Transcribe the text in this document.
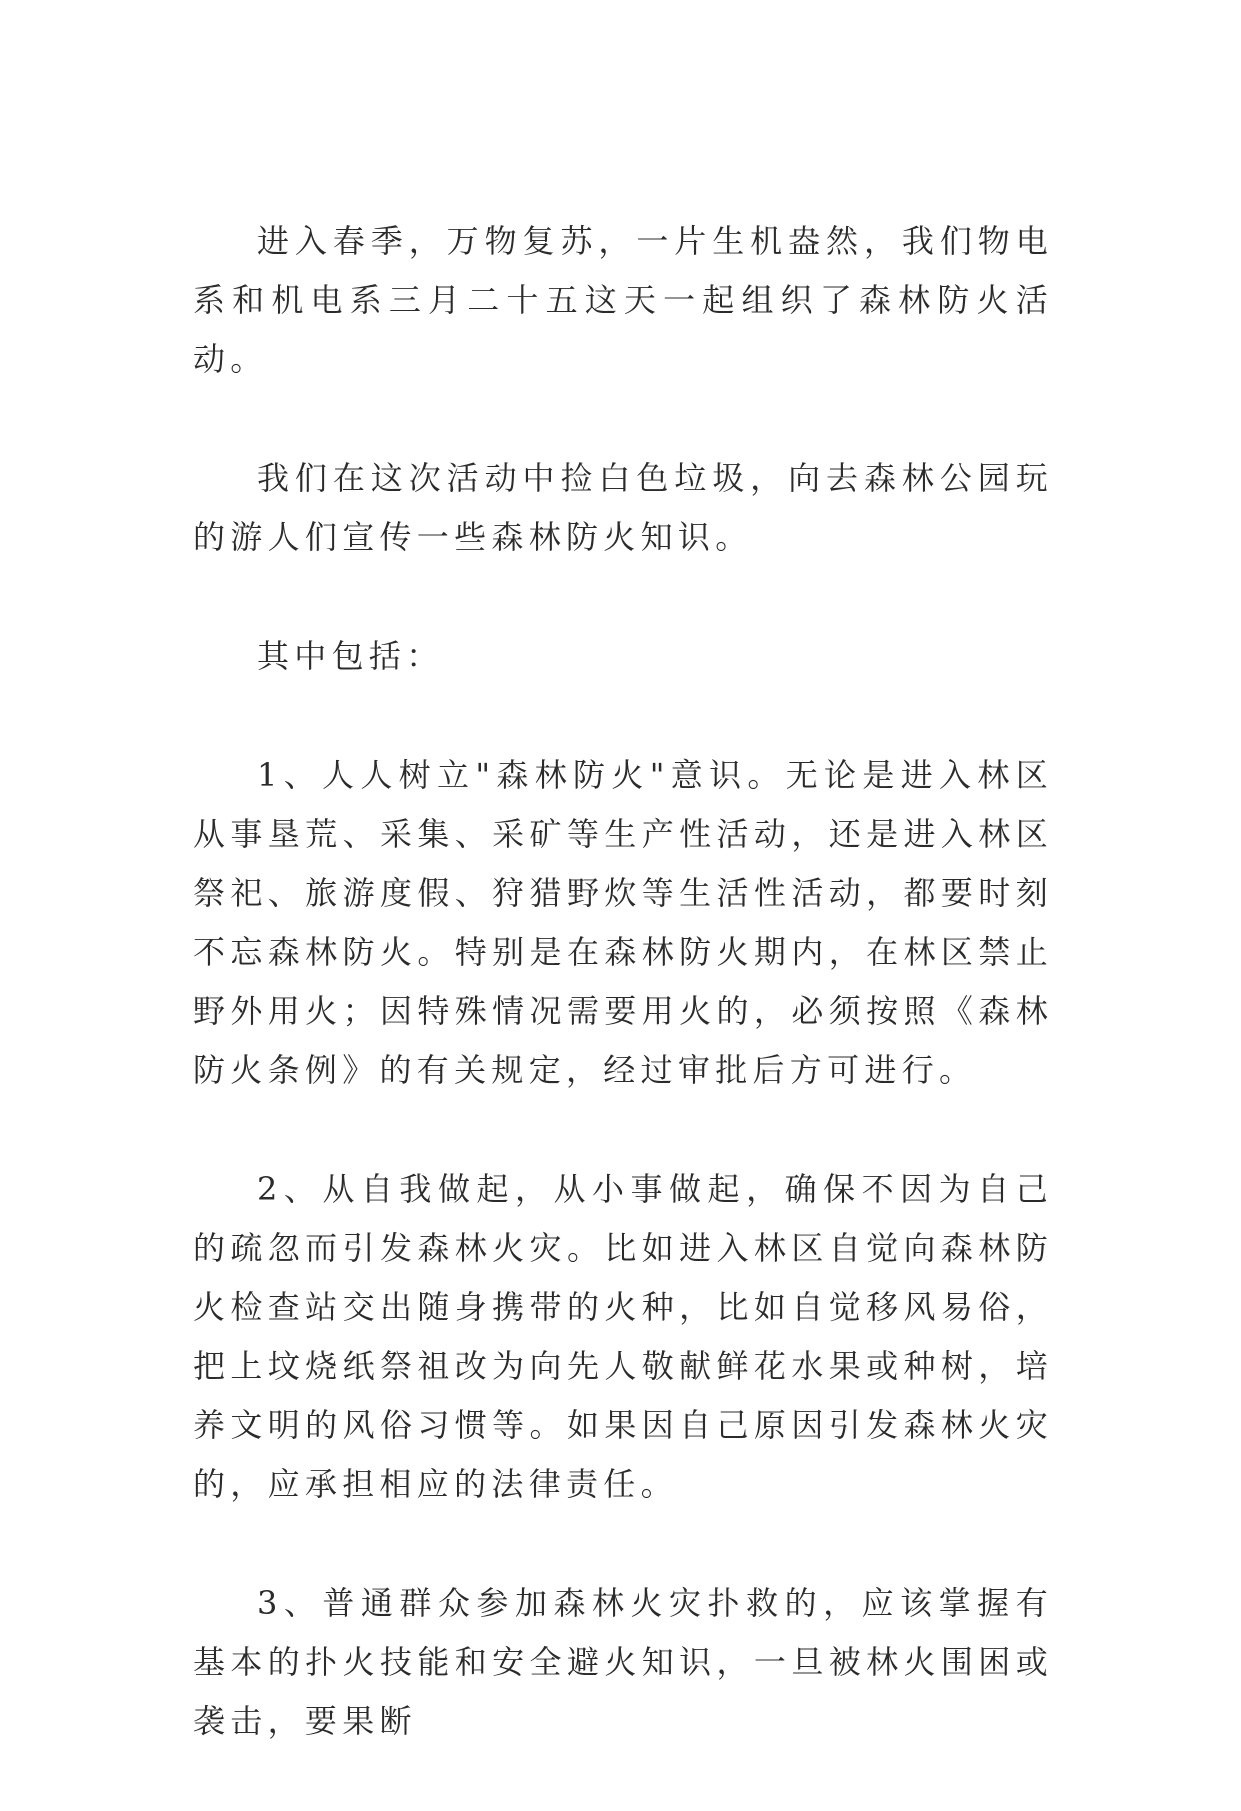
进入春季，万物复苏，一片生机盎然，我们物电系和机电系三月二十五这天一起组织了森林防火活动。

我们在这次活动中捡白色垃圾，向去森林公园玩的游人们宣传一些森林防火知识。

其中包括：

1、人人树立"森林防火"意识。无论是进入林区从事垦荒、采集、采矿等生产性活动，还是进入林区祭祀、旅游度假、狩猎野炊等生活性活动，都要时刻不忘森林防火。特别是在森林防火期内，在林区禁止野外用火；因特殊情况需要用火的，必须按照《森林防火条例》的有关规定，经过审批后方可进行。

2、从自我做起，从小事做起，确保不因为自己的疏忽而引发森林火灾。比如进入林区自觉向森林防火检查站交出随身携带的火种，比如自觉移风易俗，把上坟烧纸祭祖改为向先人敬献鲜花水果或种树，培养文明的风俗习惯等。如果因自己原因引发森林火灾的，应承担相应的法律责任。

3、普通群众参加森林火灾扑救的，应该掌握有基本的扑火技能和安全避火知识，一旦被林火围困或袭击，要果断
